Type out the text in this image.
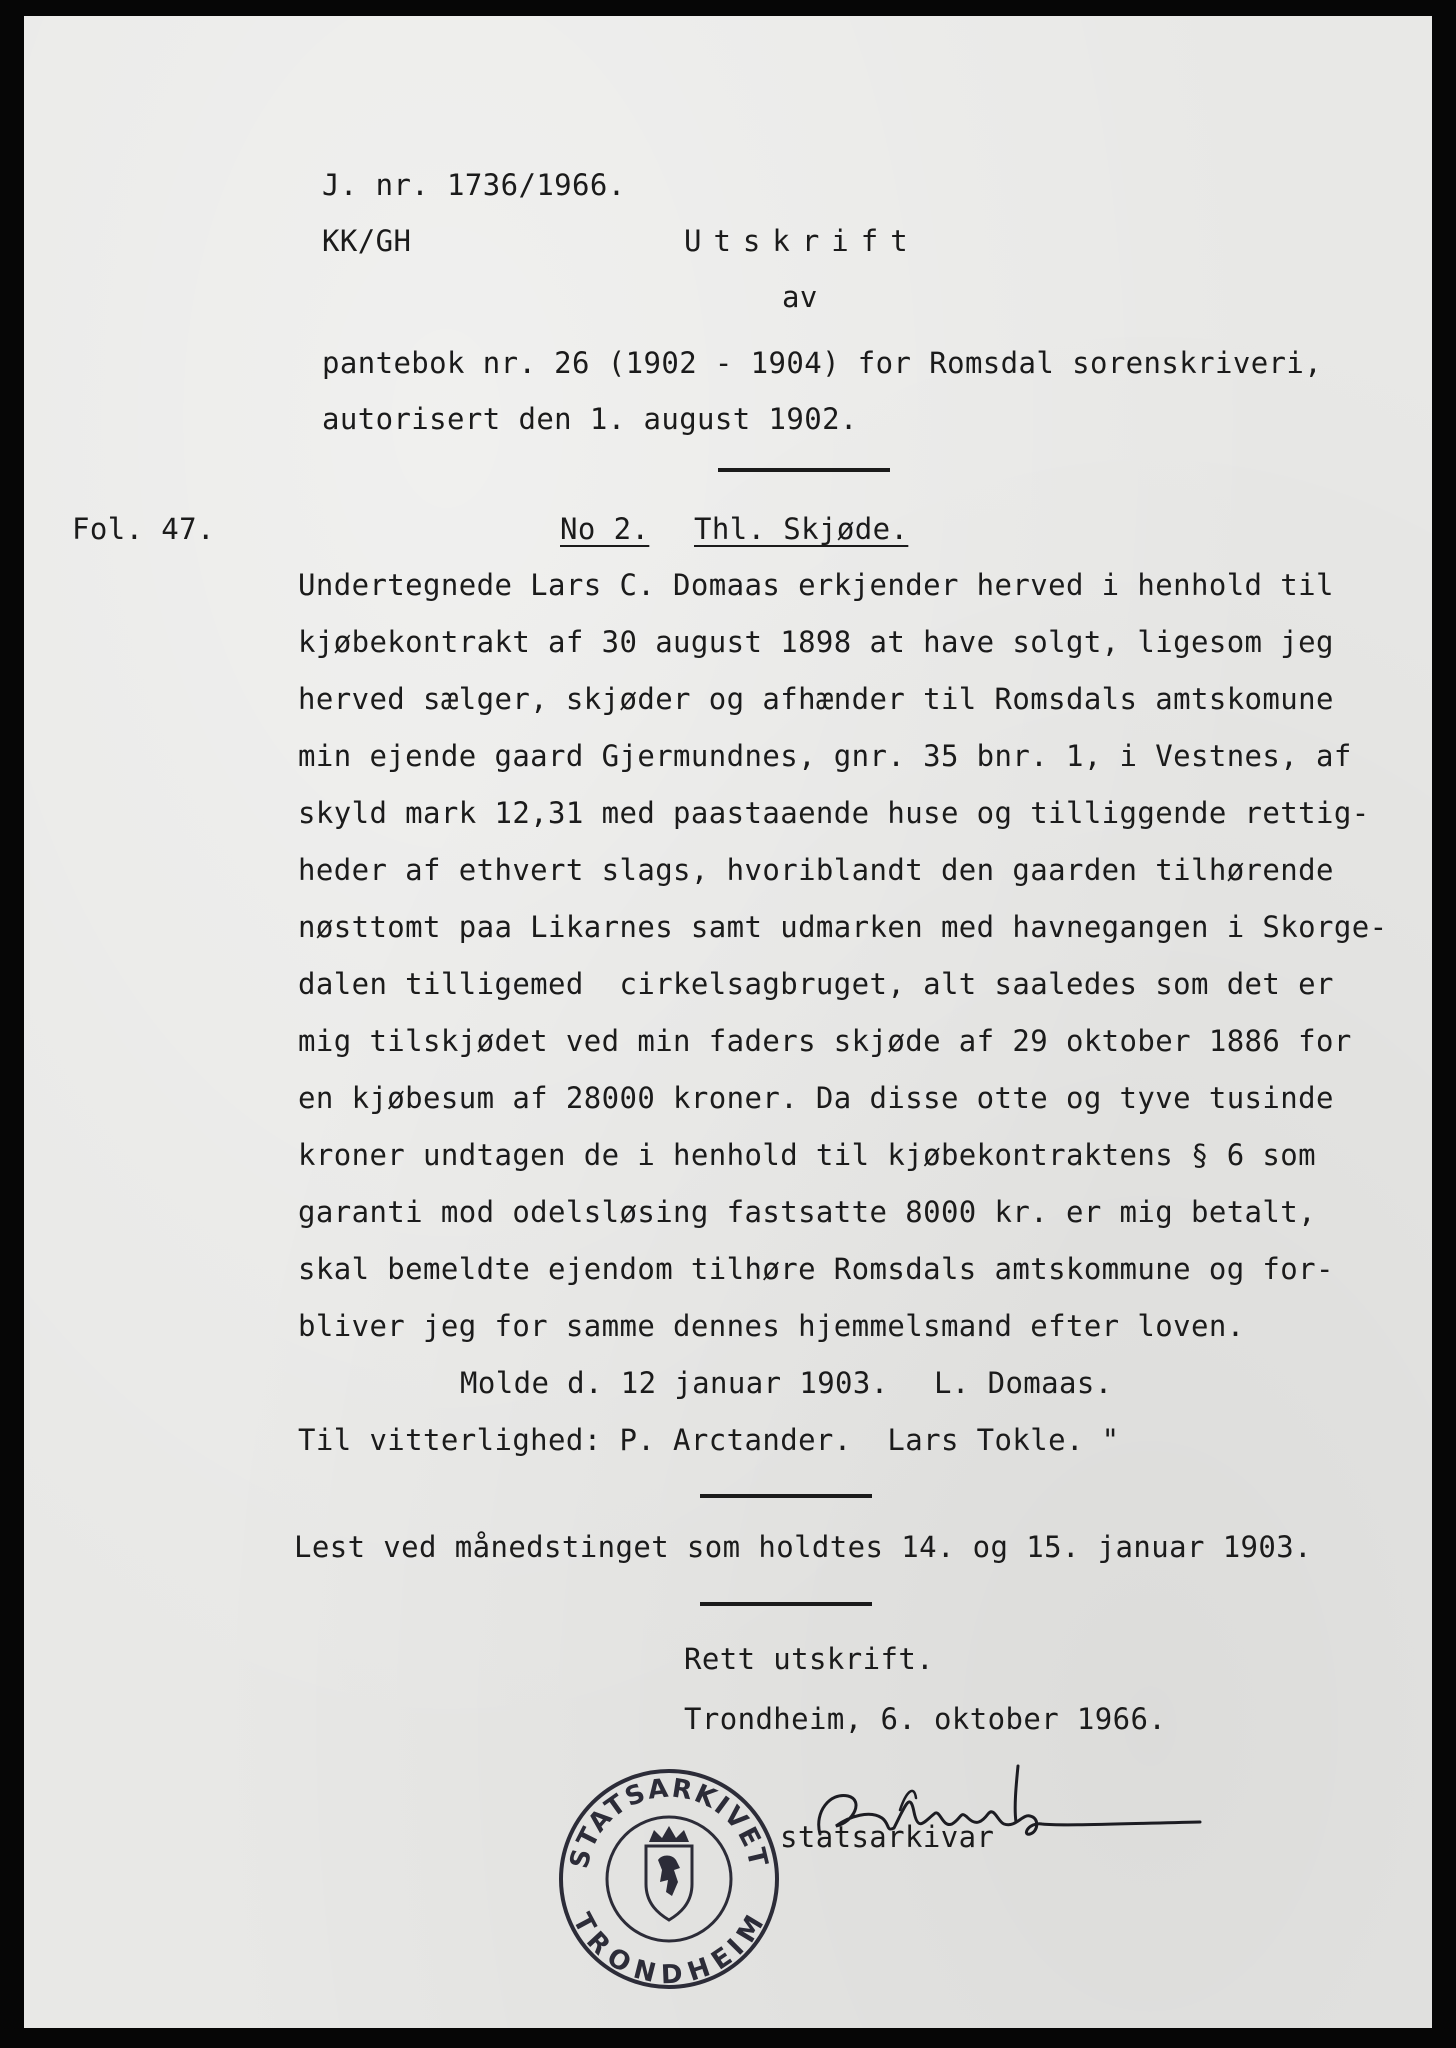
J. nr. 1736/1966.
KK/GH	Utskrift
av
pantebok nr. 26 (1902 - 1904) for Romsdal sorenskriveri,
autorisert den 1. august 1902.
Fol. 47.	No 2. Thl. Skjøde.
Undertegnede Lars C. Domaas erkjender herved i henhold til
kjøbekontrakt af 30 august 1898 at have solgt, ligesom jeg
herved sælger, skjøder og afhænder til Romsdals amtskomune
min ejende gaard Gjermundnes, gnr. 35 bnr. 1, i Vestnes, af
skyld mark 12,31 med paastaaende huse og tilliggende rettig-
heder af ethvert slags, hvoriblandt den gaarden tilhørende
nøsttomt paa Likarnes samt udmarken med havnegangen i Skorge-
dalen tilligemed  cirkelsagbruget, alt saaledes som det er
mig tilskjødet ved min faders skjøde af 29 oktober 1886 for
en kjøbesum af 28000 kroner. Da disse otte og tyve tusinde
kroner undtagen de i henhold til kjøbekontraktens § 6 som
garanti mod odelsløsing fastsatte 8000 kr. er mig betalt,
skal bemeldte ejendom tilhøre Romsdals amtskommune og for-
bliver jeg for samme dennes hjemmelsmand efter loven.
Molde d. 12 januar 1903. L. Domaas.
Til vitterlighed: P. Arctander.  Lars Tokle. "
Lest ved månedstinget som holdtes 14. og 15. januar 1903.
Rett utskrift.
Trondheim, 6. oktober 1966.
statsarkivar
STATSARKIVET
TRONDHEIM
